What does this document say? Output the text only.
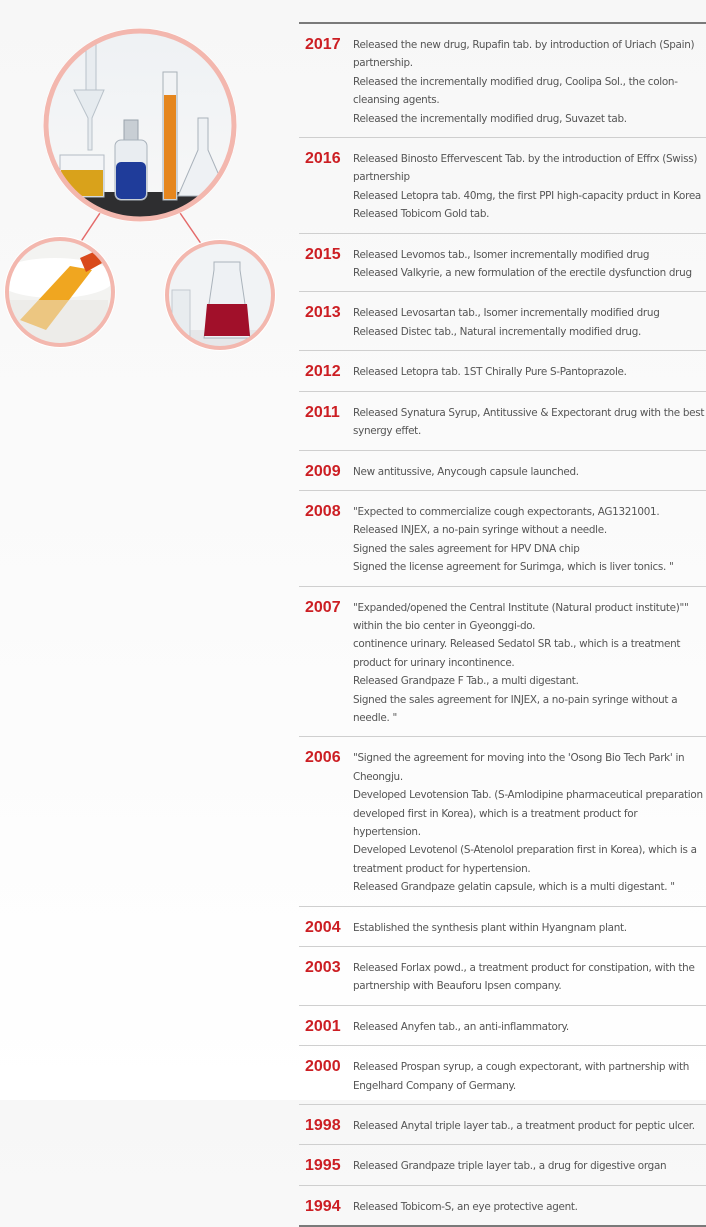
2017	Released the new drug, Rupafin tab. by introduction of Uriach (Spain) partnership.
Released the incrementally modified drug, Coolipa Sol., the colon-cleansing agents.
Released the incrementally modified drug, Suvazet tab.
2016	Released Binosto Effervescent Tab. by the introduction of Effrx (Swiss) partnership
Released Letopra tab. 40mg, the first PPI high-capacity prduct in Korea
Released Tobicom Gold tab.
2015	Released Levomos tab., Isomer incrementally modified drug
Released Valkyrie, a new formulation of the erectile dysfunction drug
2013	Released Levosartan tab., Isomer incrementally modified drug
Released Distec tab., Natural incrementally modified drug.
2012	Released Letopra tab. 1ST Chirally Pure S-Pantoprazole.
2011	Released Synatura Syrup, Antitussive & Expectorant drug with the best synergy effet.
2009	New antitussive, Anycough capsule launched.
2008	"Expected to commercialize cough expectorants, AG1321001.
Released INJEX, a no-pain syringe without a needle.
Signed the sales agreement for HPV DNA chip
Signed the license agreement for Surimga, which is liver tonics. "
2007	"Expanded/opened the Central Institute (Natural product institute)"" within the bio center in Gyeonggi-do.
continence urinary. Released Sedatol SR tab., which is a treatment product for urinary incontinence.
Released Grandpaze F Tab., a multi digestant.
Signed the sales agreement for INJEX, a no-pain syringe without a needle. "
2006	"Signed the agreement for moving into the 'Osong Bio Tech Park' in Cheongju.
Developed Levotension Tab. (S-Amlodipine pharmaceutical preparation developed first in Korea), which is a treatment product for hypertension.
Developed Levotenol (S-Atenolol preparation first in Korea), which is a treatment product for hypertension.
Released Grandpaze gelatin capsule, which is a multi digestant. "
2004	Established the synthesis plant within Hyangnam plant.
2003	Released Forlax powd., a treatment product for constipation, with the partnership with Beauforu Ipsen company.
2001	Released Anyfen tab., an anti-inflammatory.
2000	Released Prospan syrup, a cough expectorant, with partnership with Engelhard Company of Germany.
1998	Released Anytal triple layer tab., a treatment product for peptic ulcer.
1995	Released Grandpaze triple layer tab., a drug for digestive organ
1994	Released Tobicom-S, an eye protective agent.
